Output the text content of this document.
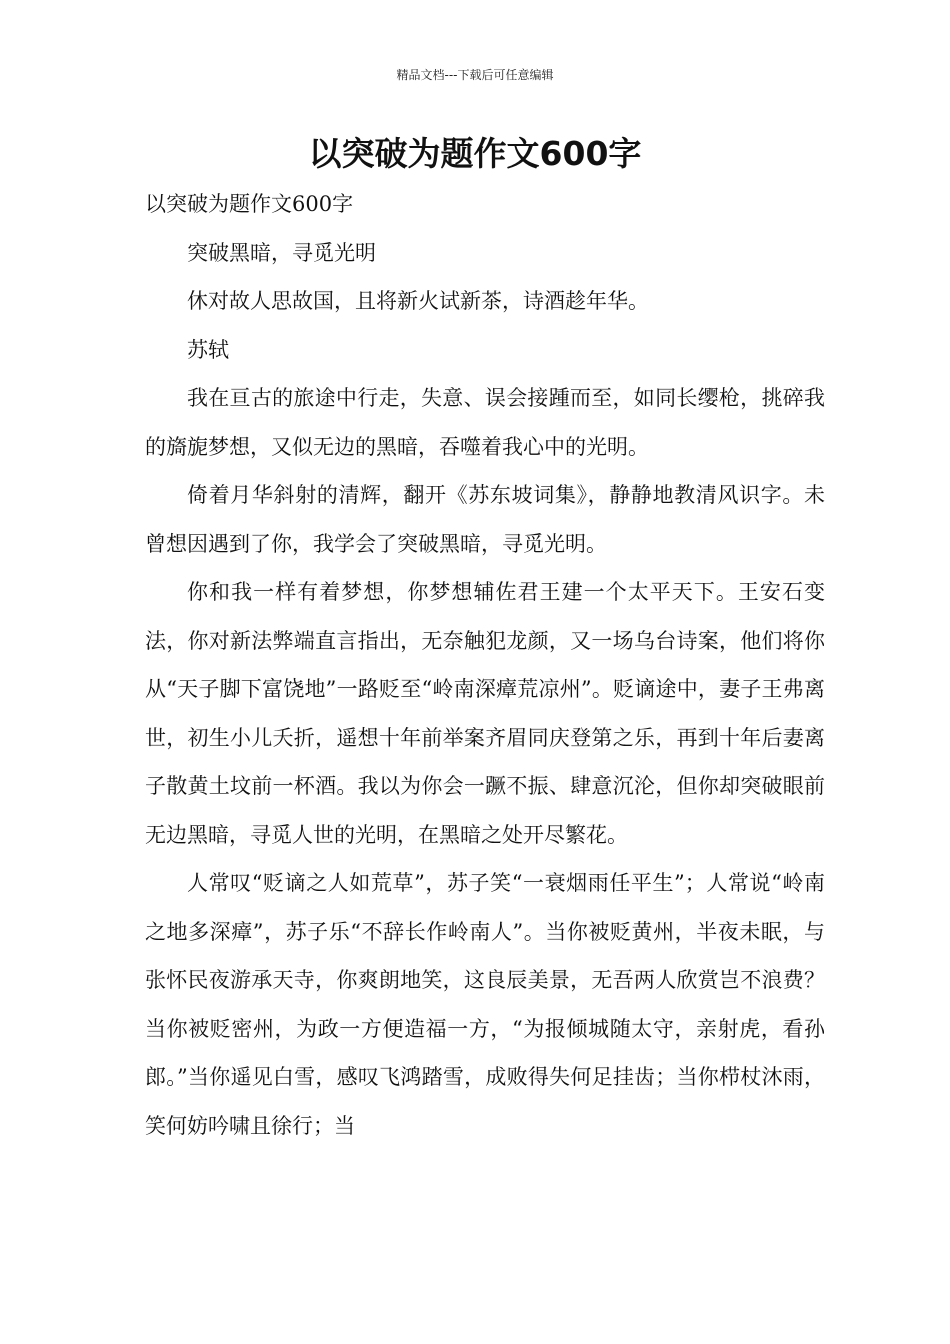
精品文档---下载后可任意编辑
以突破为题作文600字

以突破为题作文600字

突破黑暗，寻觅光明

休对故人思故国，且将新火试新茶，诗酒趁年华。

苏轼

我在亘古的旅途中行走，失意、误会接踵而至，如同长缨枪，挑碎我的旖旎梦想，又似无边的黑暗，吞噬着我心中的光明。

倚着月华斜射的清辉，翻开《苏东坡词集》，静静地教清风识字。未曾想因遇到了你，我学会了突破黑暗，寻觅光明。

你和我一样有着梦想，你梦想辅佐君王建一个太平天下。王安石变法，你对新法弊端直言指出，无奈触犯龙颜，又一场乌台诗案，他们将你从“天子脚下富饶地”一路贬至“岭南深瘴荒凉州”。贬谪途中，妻子王弗离世，初生小儿夭折，遥想十年前举案齐眉同庆登第之乐，再到十年后妻离子散黄土坟前一杯酒。我以为你会一蹶不振、肆意沉沦，但你却突破眼前无边黑暗，寻觅人世的光明，在黑暗之处开尽繁花。

人常叹“贬谪之人如荒草”，苏子笑“一衰烟雨任平生”；人常说“岭南之地多深瘴”，苏子乐“不辞长作岭南人”。当你被贬黄州，半夜未眠，与张怀民夜游承天寺，你爽朗地笑，这良辰美景，无吾两人欣赏岂不浪费？当你被贬密州，为政一方便造福一方，“为报倾城随太守，亲射虎，看孙郎。”当你遥见白雪，感叹飞鸿踏雪，成败得失何足挂齿；当你栉杖沐雨，笑何妨吟啸且徐行；当
